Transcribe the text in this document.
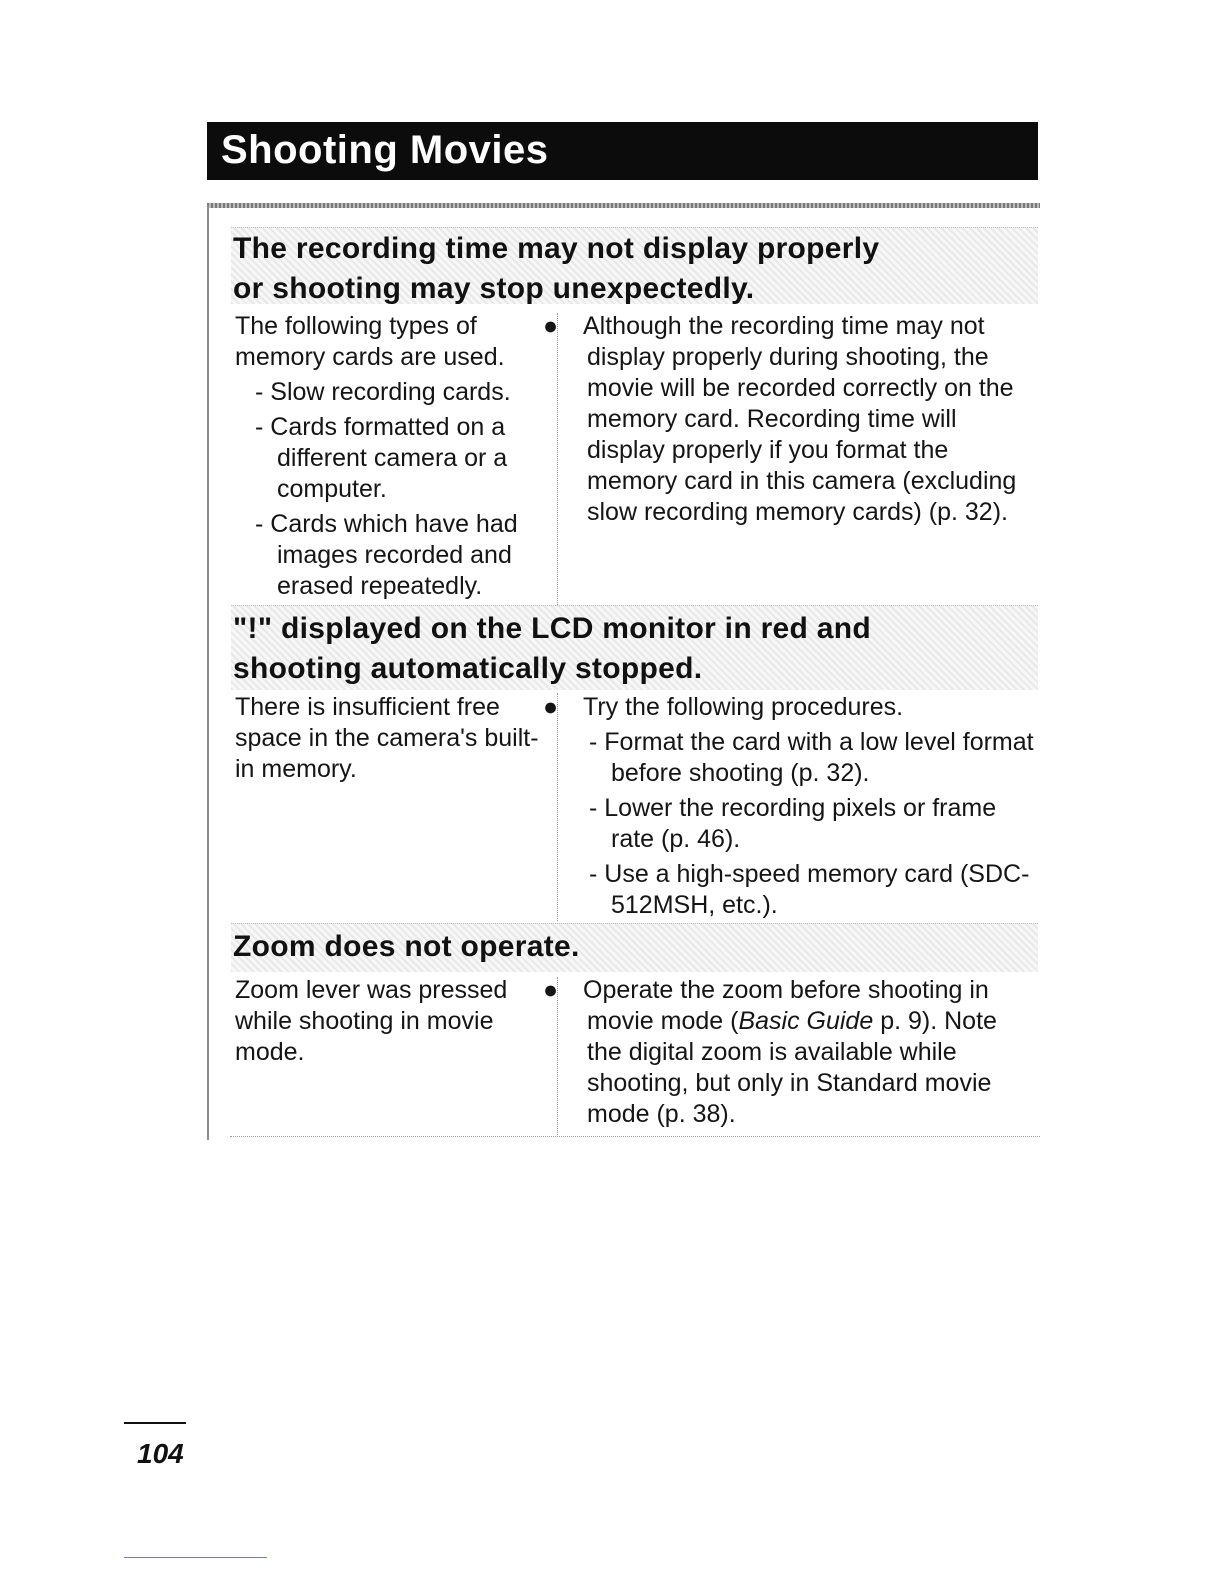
Shooting Movies
The recording time may not display properly
or shooting may stop unexpectedly.

The following types of

memory cards are used.

- Slow recording cards.

- Cards formatted on a different camera or a computer.

- Cards which have had images recorded and erased repeatedly.

● Although the recording time may not display properly during shooting, the movie will be recorded correctly on the memory card. Recording time will display properly if you format the memory card in this camera (excluding slow recording memory cards) (p. 32).

"!" displayed on the LCD monitor in red and
shooting automatically stopped.

There is insufficient free space in the camera's built-in memory.

● Try the following procedures.

- Format the card with a low level format before shooting (p. 32).

- Lower the recording pixels or frame rate (p. 46).

- Use a high-speed memory card (SDC-512MSH, etc.).

Zoom does not operate.

Zoom lever was pressed while shooting in movie mode.

● Operate the zoom before shooting in movie mode (Basic Guide p. 9). Note the digital zoom is available while shooting, but only in Standard movie mode (p. 38).

104
